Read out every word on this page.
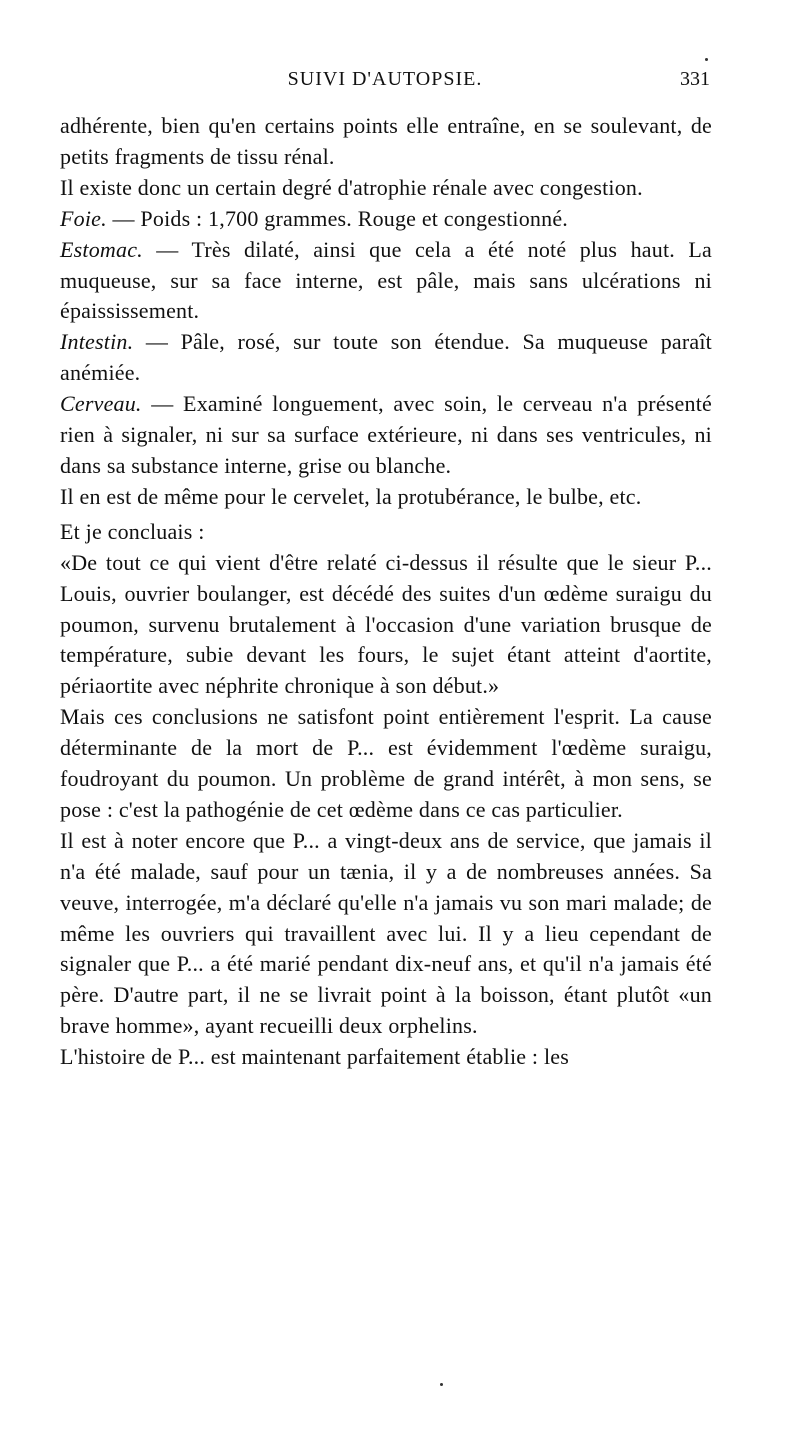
SUIVI D'AUTOPSIE.	331

adhérente, bien qu'en certains points elle entraîne, en se soulevant, de petits fragments de tissu rénal.

Il existe donc un certain degré d'atrophie rénale avec congestion.

Foie. — Poids : 1,700 grammes. Rouge et congestionné.

Estomac. — Très dilaté, ainsi que cela a été noté plus haut. La muqueuse, sur sa face interne, est pâle, mais sans ulcérations ni épaississement.

Intestin. — Pâle, rosé, sur toute son étendue. Sa muqueuse paraît anémiée.

Cerveau. — Examiné longuement, avec soin, le cerveau n'a présenté rien à signaler, ni sur sa surface extérieure, ni dans ses ventricules, ni dans sa substance interne, grise ou blanche.

Il en est de même pour le cervelet, la protubérance, le bulbe, etc.

Et je concluais :

«De tout ce qui vient d'être relaté ci-dessus il résulte que le sieur P... Louis, ouvrier boulanger, est décédé des suites d'un œdème suraigu du poumon, survenu brutalement à l'occasion d'une variation brusque de température, subie devant les fours, le sujet étant atteint d'aortite, périaortite avec néphrite chronique à son début.»

Mais ces conclusions ne satisfont point entièrement l'esprit. La cause déterminante de la mort de P... est évidemment l'œdème suraigu, foudroyant du poumon. Un problème de grand intérêt, à mon sens, se pose : c'est la pathogénie de cet œdème dans ce cas particulier.

Il est à noter encore que P... a vingt-deux ans de service, que jamais il n'a été malade, sauf pour un tænia, il y a de nombreuses années. Sa veuve, interrogée, m'a déclaré qu'elle n'a jamais vu son mari malade; de même les ouvriers qui travaillent avec lui. Il y a lieu cependant de signaler que P... a été marié pendant dix-neuf ans, et qu'il n'a jamais été père. D'autre part, il ne se livrait point à la boisson, étant plutôt «un brave homme», ayant recueilli deux orphelins.

L'histoire de P... est maintenant parfaitement établie : les
